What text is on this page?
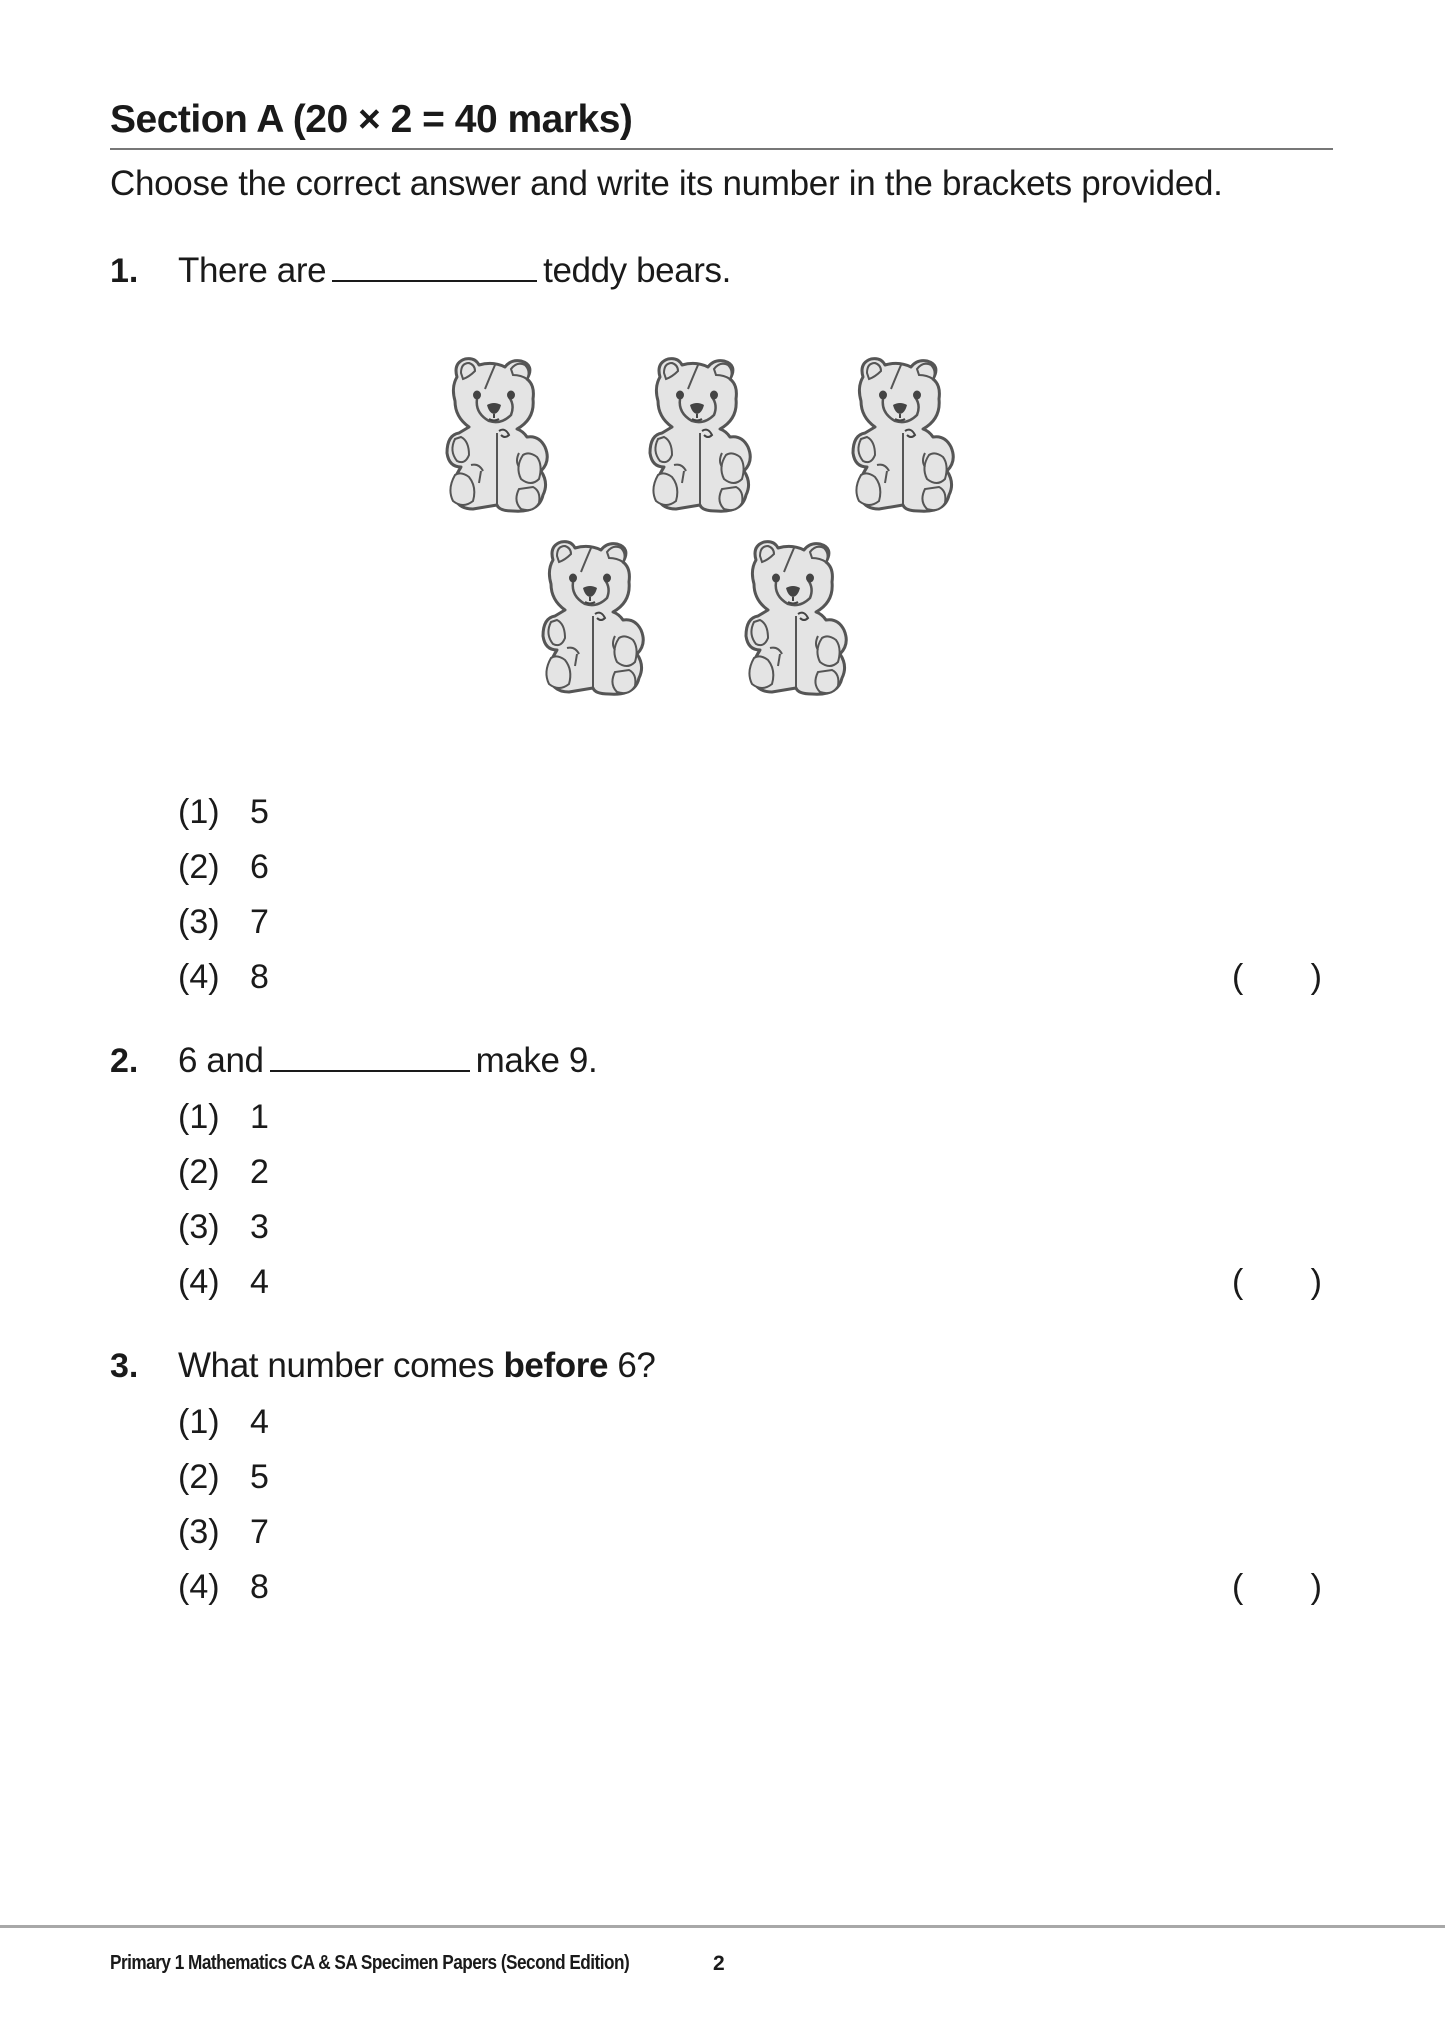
Section A (20 × 2 = 40 marks)
Choose the correct answer and write its number in the brackets provided.
1. There are	teddy bears.
(1) 5
(2) 6
(3) 7
(4) 8	( )
2. 6 and	make 9.
(1) 1
(2) 2
(3) 3
(4) 4	( )
3. What number comes before 6?
(1) 4
(2) 5
(3) 7
(4) 8	( )
Primary 1 Mathematics CA & SA Specimen Papers (Second Edition)	2
